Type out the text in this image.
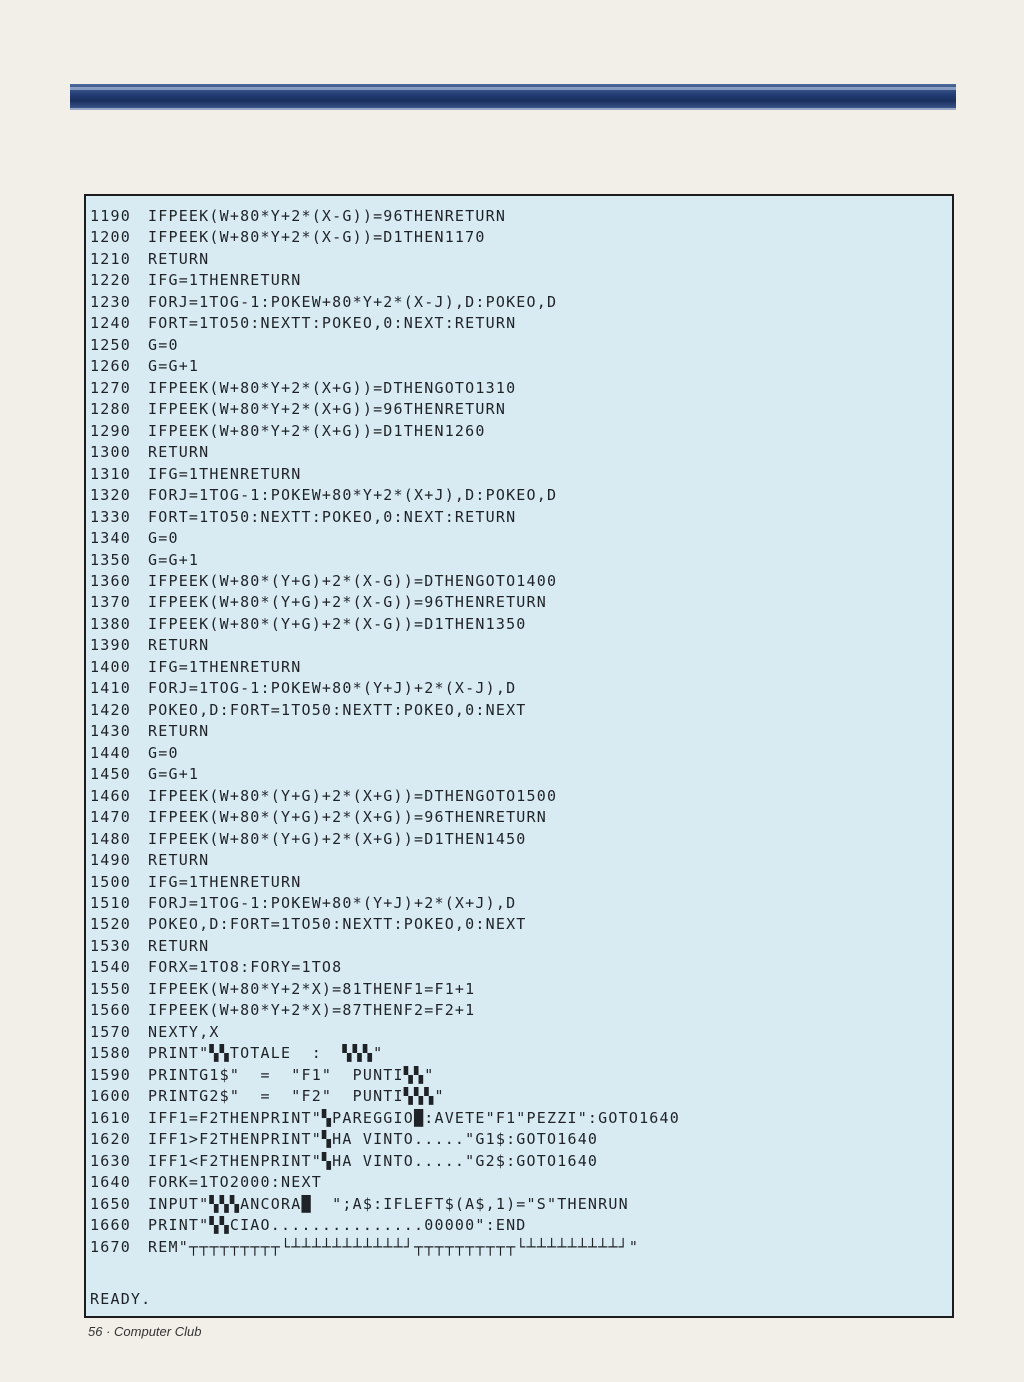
1190 IFPEEK(W+80*Y+2*(X-G))=96THENRETURN
1200 IFPEEK(W+80*Y+2*(X-G))=D1THEN1170
1210 RETURN
1220 IFG=1THENRETURN
1230 FORJ=1TOG-1:POKEW+80*Y+2*(X-J),D:POKEO,D
1240 FORT=1TO50:NEXTT:POKEO,0:NEXT:RETURN
1250 G=0
1260 G=G+1
1270 IFPEEK(W+80*Y+2*(X+G))=DTHENGOTO1310
1280 IFPEEK(W+80*Y+2*(X+G))=96THENRETURN
1290 IFPEEK(W+80*Y+2*(X+G))=D1THEN1260
1300 RETURN
1310 IFG=1THENRETURN
1320 FORJ=1TOG-1:POKEW+80*Y+2*(X+J),D:POKEO,D
1330 FORT=1TO50:NEXTT:POKEO,0:NEXT:RETURN
1340 G=0
1350 G=G+1
1360 IFPEEK(W+80*(Y+G)+2*(X-G))=DTHENGOTO1400
1370 IFPEEK(W+80*(Y+G)+2*(X-G))=96THENRETURN
1380 IFPEEK(W+80*(Y+G)+2*(X-G))=D1THEN1350
1390 RETURN
1400 IFG=1THENRETURN
1410 FORJ=1TOG-1:POKEW+80*(Y+J)+2*(X-J),D
1420 POKEO,D:FORT=1TO50:NEXTT:POKEO,0:NEXT
1430 RETURN
1440 G=0
1450 G=G+1
1460 IFPEEK(W+80*(Y+G)+2*(X+G))=DTHENGOTO1500
1470 IFPEEK(W+80*(Y+G)+2*(X+G))=96THENRETURN
1480 IFPEEK(W+80*(Y+G)+2*(X+G))=D1THEN1450
1490 RETURN
1500 IFG=1THENRETURN
1510 FORJ=1TOG-1:POKEW+80*(Y+J)+2*(X+J),D
1520 POKEO,D:FORT=1TO50:NEXTT:POKEO,0:NEXT
1530 RETURN
1540 FORX=1TO8:FORY=1TO8
1550 IFPEEK(W+80*Y+2*X)=81THENF1=F1+1
1560 IFPEEK(W+80*Y+2*X)=87THENF2=F2+1
1570 NEXTY,X
1580 PRINT"▚▚TOTALE  :  ▚▚▚"
1590 PRINTG1$"  =  "F1"  PUNTI▚▚"
1600 PRINTG2$"  =  "F2"  PUNTI▚▚▚"
1610 IFF1=F2THENPRINT"▚PAREGGIO█:AVETE"F1"PEZZI":GOTO1640
1620 IFF1>F2THENPRINT"▚HA VINTO....."G1$:GOTO1640
1630 IFF1<F2THENPRINT"▚HA VINTO....."G2$:GOTO1640
1640 FORK=1TO2000:NEXT
1650 INPUT"▚▚▚ANCORA█  ";A$:IFLEFT$(A$,1)="S"THENRUN
1660 PRINT"▚▚CIAO...............00000":END
1670 REM"┬┬┬┬┬┬┬┬┬└┴┴┴┴┴┴┴┴┴┴┴┘┬┬┬┬┬┬┬┬┬┬└┴┴┴┴┴┴┴┴┴┘"
READY.
56 · Computer Club
